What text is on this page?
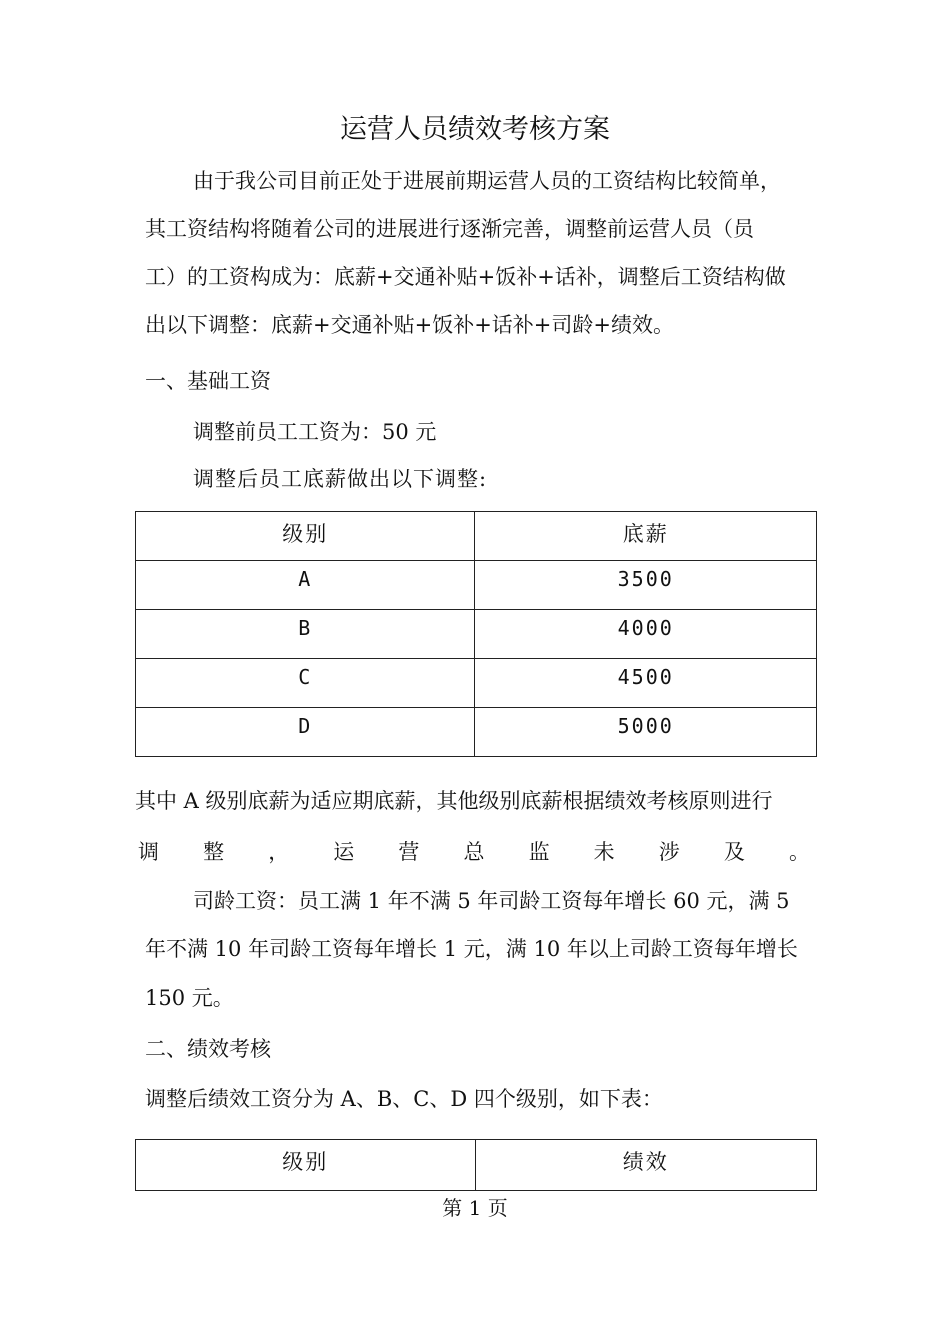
运营人员绩效考核方案
由于我公司目前正处于进展前期运营人员的工资结构比较简单，
其工资结构将随着公司的进展进行逐渐完善，调整前运营人员（员
工）的工资构成为：底薪+交通补贴+饭补+话补，调整后工资结构做
出以下调整：底薪+交通补贴+饭补+话补+司龄+绩效。
一、基础工资
调整前员工工资为：50 元
调整后员工底薪做出以下调整:
级别	底薪
A	3500
B	4000
C	4500
D	5000
其中 A 级别底薪为适应期底薪，其他级别底薪根据绩效考核原则进行
调 整 ， 运 营 总 监 未 涉 及 。
司龄工资：员工满 1 年不满 5 年司龄工资每年增长 60 元，满 5
年不满 10 年司龄工资每年增长 1 元，满 10 年以上司龄工资每年增长
150 元。
二、绩效考核
调整后绩效工资分为 A、B、C、D 四个级别，如下表：
级别	绩效
第 1 页
